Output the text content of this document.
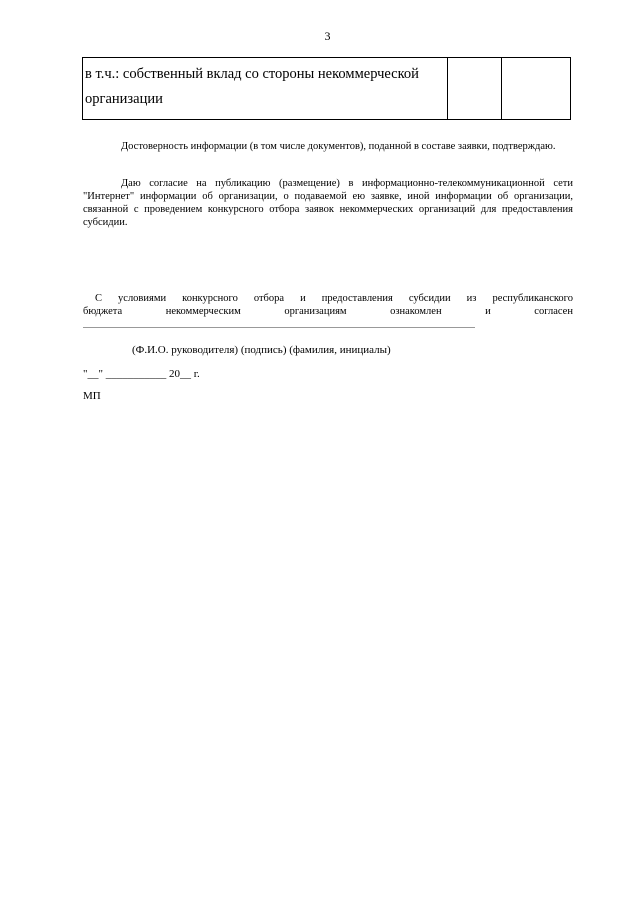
3
в т.ч.: собственный вклад со стороны некоммерческой
организации

Достоверность информации (в том числе документов), поданной в составе заявки, подтверждаю.

Даю согласие на публикацию (размещение) в информационно-телекоммуникационной сети "Интернет" информации об организации, о подаваемой ею заявке, иной информации об организации, связанной с проведением конкурсного отбора заявок некоммерческих организаций для предоставления субсидии.

С условиями конкурсного отбора и предоставления субсидии из республиканского
бюджета	некоммерческим	организациям	ознакомлен	и	согласен
(Ф.И.О. руководителя) (подпись) (фамилия, инициалы)
"__" ___________ 20__ г.
МП
